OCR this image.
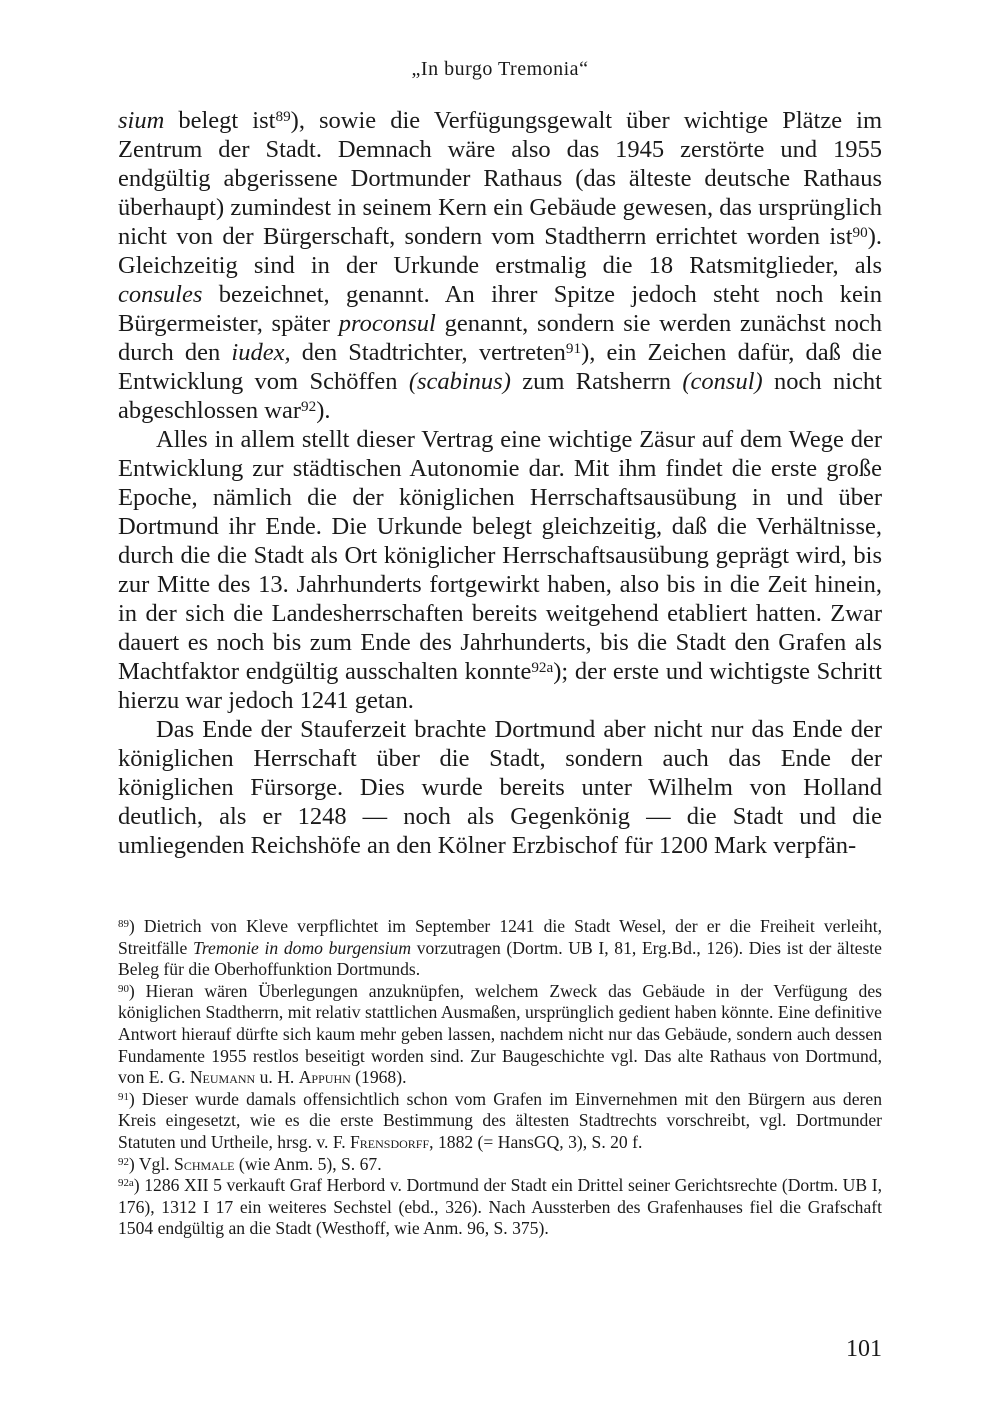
„In burgo Tremonia“

sium belegt ist$^{89}$), sowie die Verfügungsgewalt über wichtige Plätze im Zentrum der Stadt. Demnach wäre also das 1945 zerstörte und 1955 endgültig abgerissene Dortmunder Rathaus (das älteste deutsche Rathaus überhaupt) zumindest in seinem Kern ein Gebäude gewesen, das ursprünglich nicht von der Bürgerschaft, sondern vom Stadtherrn errichtet worden ist$^{90}$). Gleichzeitig sind in der Urkunde erstmalig die 18 Ratsmitglieder, als consules bezeichnet, genannt. An ihrer Spitze jedoch steht noch kein Bürgermeister, später proconsul genannt, sondern sie werden zunächst noch durch den iudex, den Stadtrichter, vertreten$^{91}$), ein Zeichen dafür, daß die Entwicklung vom Schöffen (scabinus) zum Ratsherrn (consul) noch nicht abgeschlossen war$^{92}$).

Alles in allem stellt dieser Vertrag eine wichtige Zäsur auf dem Wege der Entwicklung zur städtischen Autonomie dar. Mit ihm findet die erste große Epoche, nämlich die der königlichen Herrschaftsausübung in und über Dortmund ihr Ende. Die Urkunde belegt gleichzeitig, daß die Verhältnisse, durch die die Stadt als Ort königlicher Herrschaftsausübung geprägt wird, bis zur Mitte des 13. Jahrhunderts fortgewirkt haben, also bis in die Zeit hinein, in der sich die Landesherrschaften bereits weitgehend etabliert hatten. Zwar dauert es noch bis zum Ende des Jahrhunderts, bis die Stadt den Grafen als Machtfaktor endgültig ausschalten konnte$^{92a}$); der erste und wichtigste Schritt hierzu war jedoch 1241 getan.

Das Ende der Stauferzeit brachte Dortmund aber nicht nur das Ende der königlichen Herrschaft über die Stadt, sondern auch das Ende der königlichen Fürsorge. Dies wurde bereits unter Wilhelm von Holland deutlich, als er 1248 — noch als Gegenkönig — die Stadt und die umliegenden Reichshöfe an den Kölner Erzbischof für 1200 Mark verpfän-

$^{89}$) Dietrich von Kleve verpflichtet im September 1241 die Stadt Wesel, der er die Freiheit verleiht, Streitfälle Tremonie in domo burgensium vorzutragen (Dortm. UB I, 81, Erg.Bd., 126). Dies ist der älteste Beleg für die Oberhoffunktion Dortmunds.

$^{90}$) Hieran wären Überlegungen anzuknüpfen, welchem Zweck das Gebäude in der Verfügung des königlichen Stadtherrn, mit relativ stattlichen Ausmaßen, ursprünglich gedient haben könnte. Eine definitive Antwort hierauf dürfte sich kaum mehr geben lassen, nachdem nicht nur das Gebäude, sondern auch dessen Fundamente 1955 restlos beseitigt worden sind. Zur Baugeschichte vgl. Das alte Rathaus von Dortmund, von E. G. Neumann u. H. Appuhn (1968).

$^{91}$) Dieser wurde damals offensichtlich schon vom Grafen im Einvernehmen mit den Bürgern aus deren Kreis eingesetzt, wie es die erste Bestimmung des ältesten Stadtrechts vorschreibt, vgl. Dortmunder Statuten und Urtheile, hrsg. v. F. Frensdorff, 1882 (= HansGQ, 3), S. 20 f.

$^{92}$) Vgl. Schmale (wie Anm. 5), S. 67.

$^{92a}$) 1286 XII 5 verkauft Graf Herbord v. Dortmund der Stadt ein Drittel seiner Gerichtsrechte (Dortm. UB I, 176), 1312 I 17 ein weiteres Sechstel (ebd., 326). Nach Aussterben des Grafenhauses fiel die Grafschaft 1504 endgültig an die Stadt (Westhoff, wie Anm. 96, S. 375).

101
